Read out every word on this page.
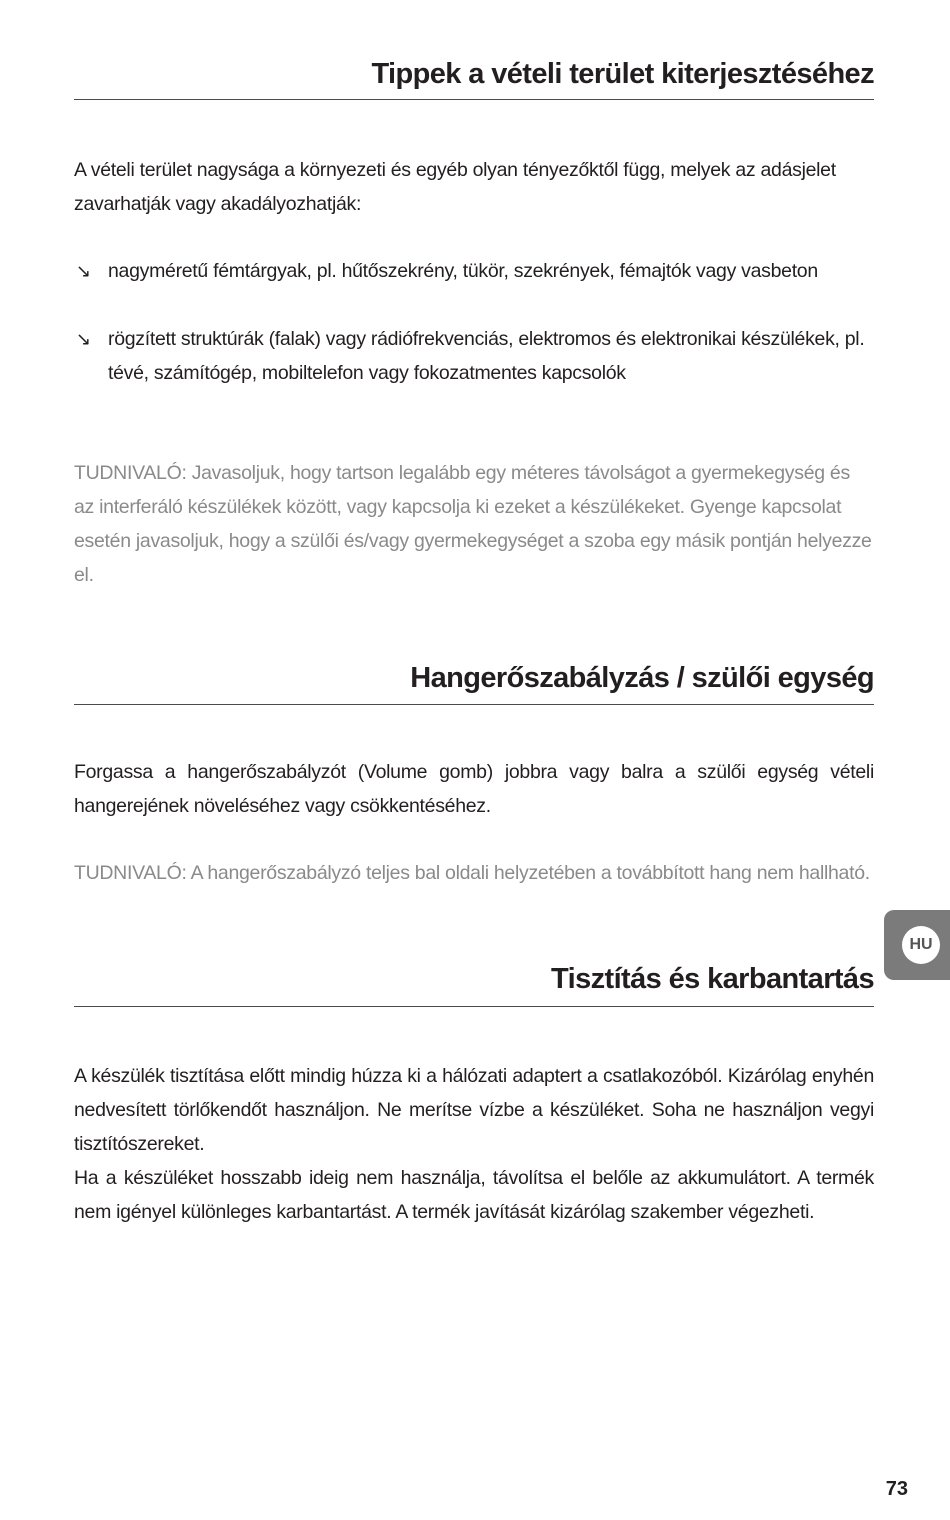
Tippek a vételi terület kiterjesztéséhez

A vételi terület nagysága a környezeti és egyéb olyan tényezőktől függ, melyek az adásjelet zavarhatják vagy akadályozhatják:

↘ nagyméretű fémtárgyak, pl. hűtőszekrény, tükör, szekrények, fémajtók vagy vasbeton
↘ rögzített struktúrák (falak) vagy rádiófrekvenciás, elektromos és elektronikai készülékek, pl. tévé, számítógép, mobiltelefon vagy fokozatmentes kapcsolók

TUDNIVALÓ: Javasoljuk, hogy tartson legalább egy méteres távolságot a gyermekegység és az interferáló készülékek között, vagy kapcsolja ki ezeket a készülékeket. Gyenge kapcsolat esetén javasoljuk, hogy a szülői és/vagy gyermekegységet a szoba egy másik pontján helyezze el.

Hangerőszabályzás / szülői egység

Forgassa a hangerőszabályzót (Volume gomb) jobbra vagy balra a szülői egység vételi hangerejének növeléséhez vagy csökkentéséhez.

TUDNIVALÓ: A hangerőszabályzó teljes bal oldali helyzetében a továbbított hang nem hallható.

Tisztítás és karbantartás

A készülék tisztítása előtt mindig húzza ki a hálózati adaptert a csatlakozóból. Kizárólag enyhén nedvesített törlőkendőt használjon. Ne merítse vízbe a készüléket. Soha ne használjon vegyi tisztítószereket.

Ha a készüléket hosszabb ideig nem használja, távolítsa el belőle az akkumulátort. A termék nem igényel különleges karbantartást. A termék javítását kizárólag szakember végezheti.

HU
73
